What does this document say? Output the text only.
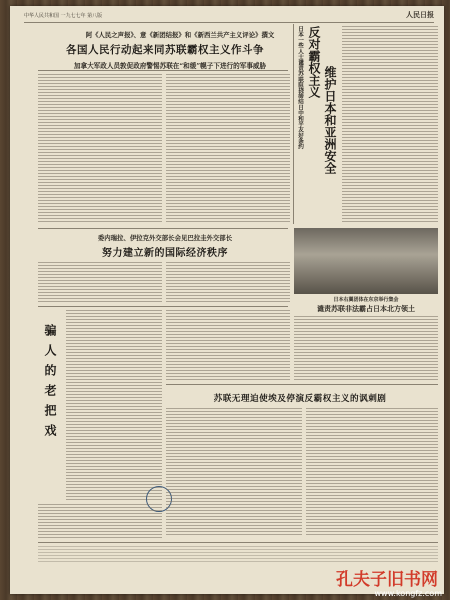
中华人民共和国 一九七七年 第八版	人民日报
阿《人民之声报》、意《新团结报》和《新西兰共产主义评论》撰文
各国人民行动起来同苏联霸权主义作斗争
加拿大军政人员敦促政府警惕苏联在“和缓”幌子下进行的军事威胁	日本一些人士谴责苏联阻挠缔结日中和平友好条约 反对霸权主义
维护日本和亚洲安全
委内瑞拉、伊拉克外交部长会见巴拉圭外交部长
努力建立新的国际经济秩序
日本右翼团体在东京举行集会
谴责苏联非法霸占日本北方领土
骗人的老把戏	苏联无理迫使埃及停演反霸权主义的讽刺剧
孔夫子旧书网
www.kongfz.com
